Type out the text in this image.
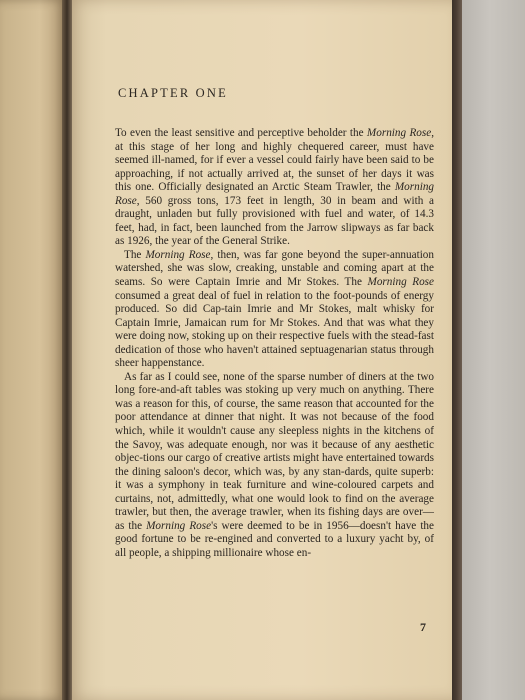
CHAPTER ONE

To even the least sensitive and perceptive beholder the Morning Rose, at this stage of her long and highly chequered career, must have seemed ill-named, for if ever a vessel could fairly have been said to be approaching, if not actually arrived at, the sunset of her days it was this one. Officially designated an Arctic Steam Trawler, the Morning Rose, 560 gross tons, 173 feet in length, 30 in beam and with a draught, unladen but fully provisioned with fuel and water, of 14.3 feet, had, in fact, been launched from the Jarrow slipways as far back as 1926, the year of the General Strike.

The Morning Rose, then, was far gone beyond the super-annuation watershed, she was slow, creaking, unstable and coming apart at the seams. So were Captain Imrie and Mr Stokes. The Morning Rose consumed a great deal of fuel in relation to the foot-pounds of energy produced. So did Cap-tain Imrie and Mr Stokes, malt whisky for Captain Imrie, Jamaican rum for Mr Stokes. And that was what they were doing now, stoking up on their respective fuels with the stead-fast dedication of those who haven't attained septuagenarian status through sheer happenstance.

As far as I could see, none of the sparse number of diners at the two long fore-and-aft tables was stoking up very much on anything. There was a reason for this, of course, the same reason that accounted for the poor attendance at dinner that night. It was not because of the food which, while it wouldn't cause any sleepless nights in the kitchens of the Savoy, was adequate enough, nor was it because of any aesthetic objec-tions our cargo of creative artists might have entertained towards the dining saloon's decor, which was, by any stan-dards, quite superb: it was a symphony in teak furniture and wine-coloured carpets and curtains, not, admittedly, what one would look to find on the average trawler, but then, the average trawler, when its fishing days are over—as the Morning Rose's were deemed to be in 1956—doesn't have the good fortune to be re-engined and converted to a luxury yacht by, of all people, a shipping millionaire whose en-

7
